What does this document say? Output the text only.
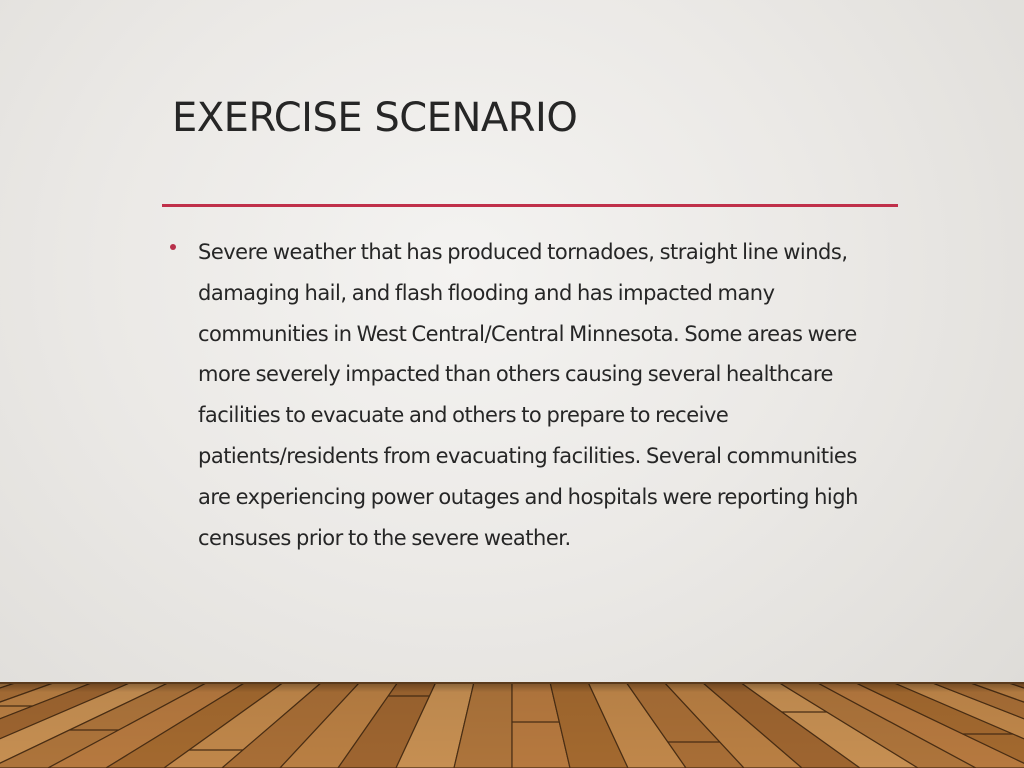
EXERCISE SCENARIO

Severe weather that has produced tornadoes, straight line winds, damaging hail, and flash flooding and has impacted many communities in West Central/Central Minnesota. Some areas were more severely impacted than others causing several healthcare facilities to evacuate and others to prepare to receive patients/residents from evacuating facilities. Several communities are experiencing power outages and hospitals were reporting high censuses prior to the severe weather.
